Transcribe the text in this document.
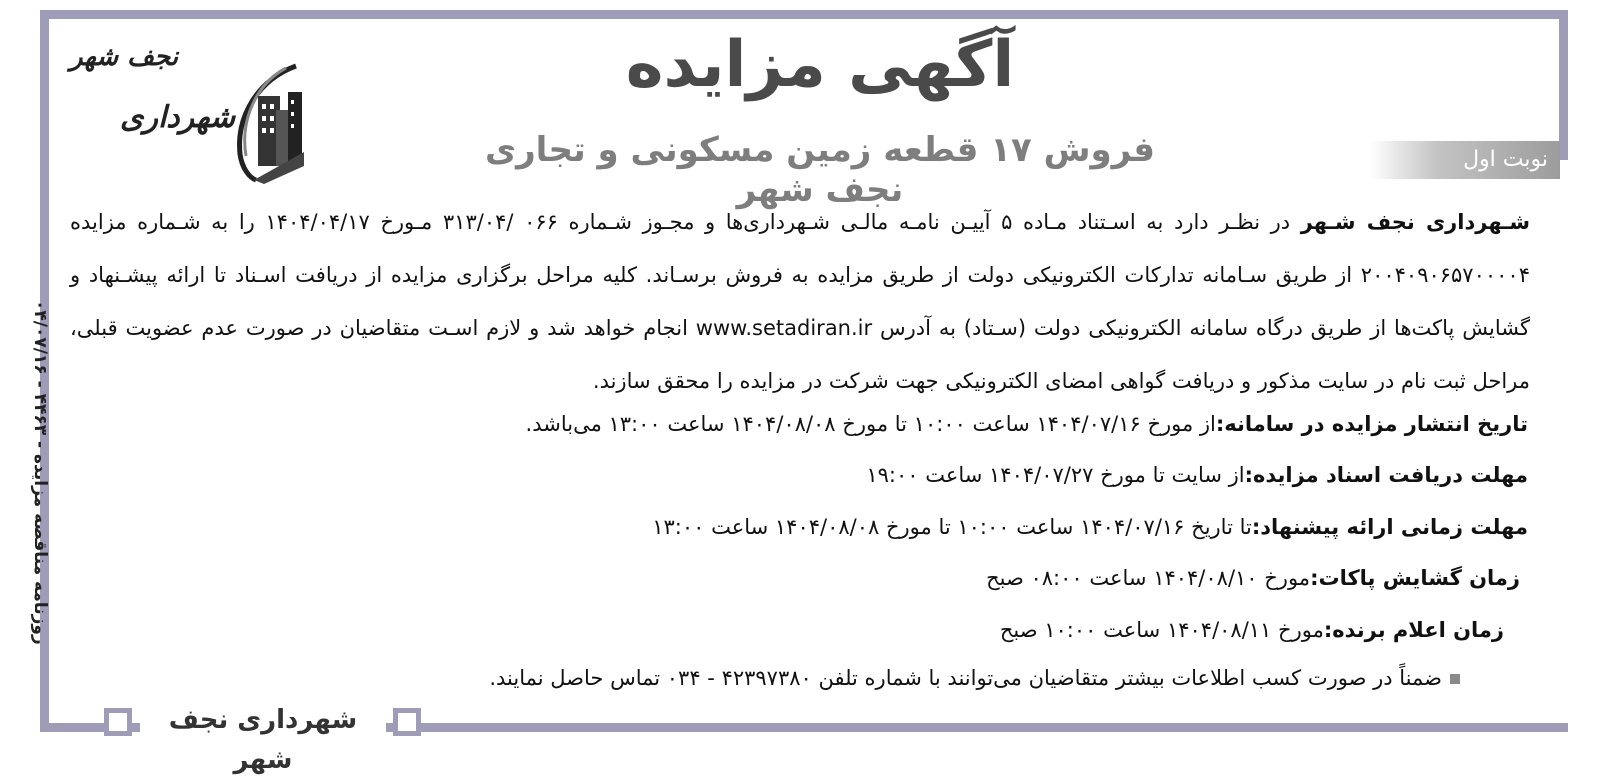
شهرداری نجف شهر
نجف شهر
شهرداری
آگهی مزایده
فروش ۱۷ قطعه زمین مسکونی و تجاری نجف شهر
نوبت اول
روزنامه مناقصه مزایده - ۴۴۶۳ - ۰۴/۰۷/۱۶
شـهرداری نجف شـهر در نظـر دارد به اسـتناد مـاده ۵ آییـن نامـه مالـی شـهرداری‌ها و مجـوز شـماره ۰۶۶ /۳۱۳/۰۴ مـورخ ۱۴۰۴/۰۴/۱۷ را به شـماره مزایده ۲۰۰۴۰۹۰۶۵۷۰۰۰۰۴ از طریق سـامانه تدارکات الکترونیکی دولت از طریق مزایده به فروش برسـاند. کلیه مراحل برگزاری مزایده از دریافت اسـناد تا ارائه پیشـنهاد و گشایش پاکت‌ها از طریق درگاه سامانه الکترونیکی دولت (سـتاد) به آدرس www.setadiran.ir انجام خواهد شد و لازم اسـت متقاضیان در صورت عدم عضویت قبلی، مراحل ثبت نام در سایت مذکور و دریافت گواهی امضای الکترونیکی جهت شرکت در مزایده را محقق سازند.
تاریخ انتشار مزایده در سامانه:از مورخ ۱۴۰۴/۰۷/۱۶ ساعت ۱۰:۰۰ تا مورخ ۱۴۰۴/۰۸/۰۸ ساعت ۱۳:۰۰ می‌باشد.
مهلت دریافت اسناد مزایده:از سایت تا مورخ ۱۴۰۴/۰۷/۲۷ ساعت ۱۹:۰۰
مهلت زمانی ارائه پیشنهاد:تا تاریخ ۱۴۰۴/۰۷/۱۶ ساعت ۱۰:۰۰ تا مورخ ۱۴۰۴/۰۸/۰۸ ساعت ۱۳:۰۰
زمان گشایش پاکات:مورخ ۱۴۰۴/۰۸/۱۰ ساعت ۰۸:۰۰ صبح
زمان اعلام برنده:مورخ ۱۴۰۴/۰۸/۱۱ ساعت ۱۰:۰۰ صبح
ضمناً در صورت کسب اطلاعات بیشتر متقاضیان می‌توانند با شماره تلفن ۴۲۳۹۷۳۸۰ - ۰۳۴ تماس حاصل نمایند.
